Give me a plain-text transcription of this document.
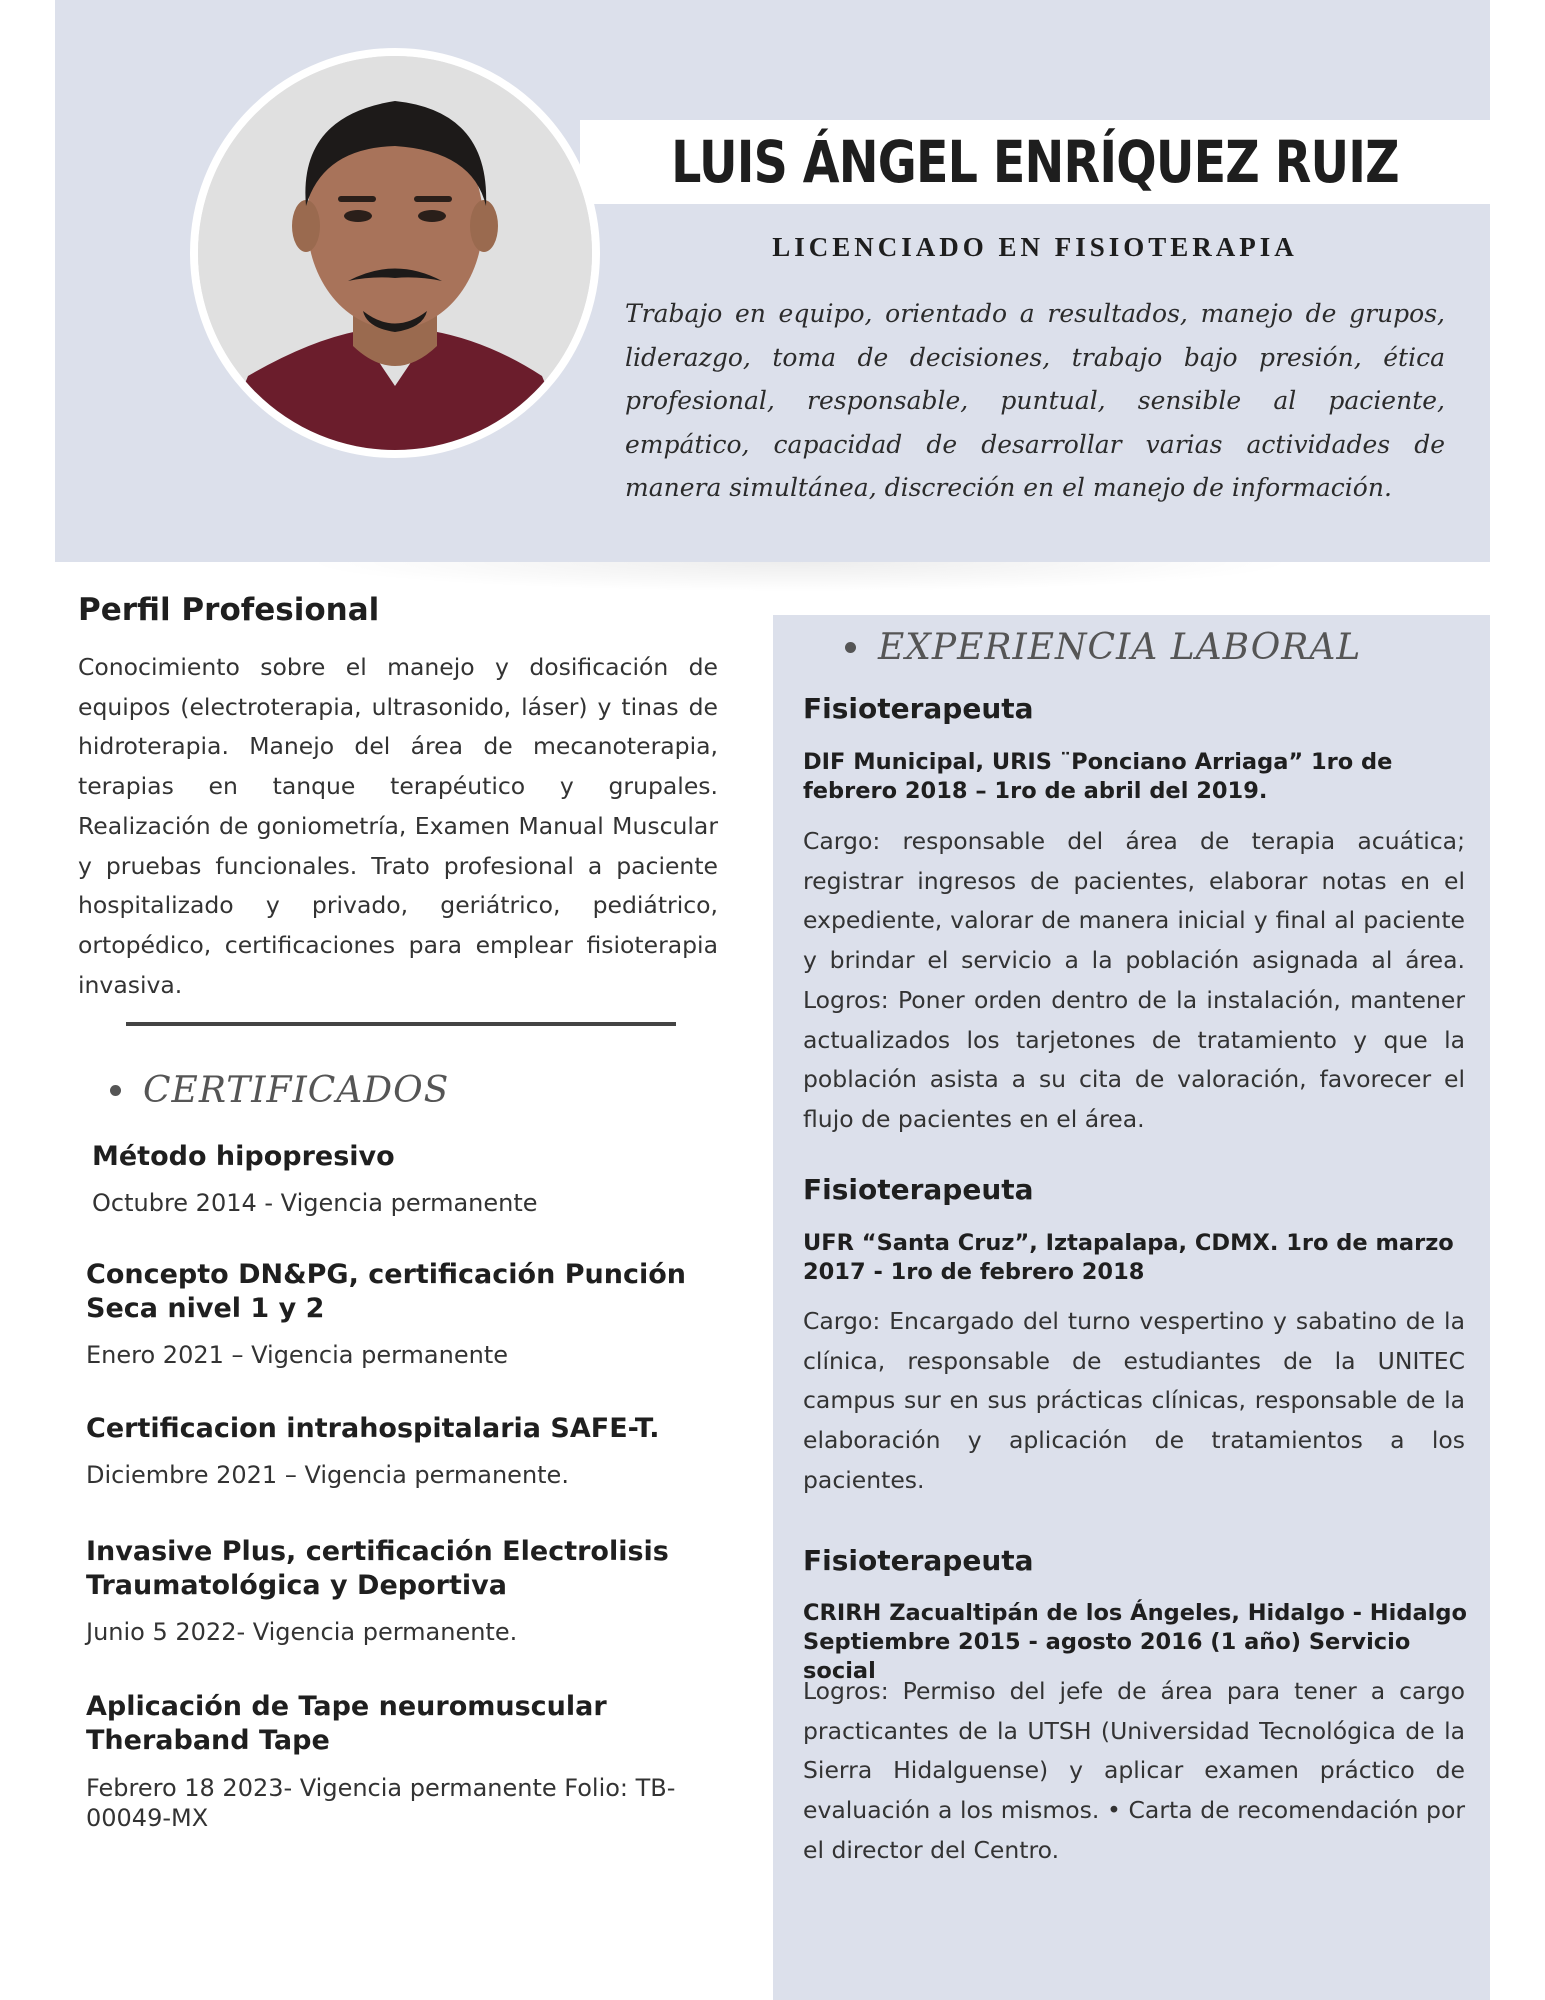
LUIS ÁNGEL ENRÍQUEZ RUIZ
LICENCIADO EN FISIOTERAPIA
Trabajo en equipo, orientado a resultados, manejo de grupos, liderazgo, toma de decisiones, trabajo bajo presión, ética profesional, responsable, puntual, sensible al paciente, empático, capacidad de desarrollar varias actividades de manera simultánea, discreción en el manejo de información.
Perfil Profesional
Conocimiento sobre el manejo y dosificación de equipos (electroterapia, ultrasonido, láser) y tinas de hidroterapia. Manejo del área de mecanoterapia, terapias en tanque terapéutico y grupales. Realización de goniometría, Examen Manual Muscular y pruebas funcionales. Trato profesional a paciente hospitalizado y privado, geriátrico, pediátrico, ortopédico, certificaciones para emplear fisioterapia invasiva.
CERTIFICADOS
Método hipopresivo
Octubre 2014 - Vigencia permanente
Concepto DN&PG, certificación Punción Seca nivel 1 y 2
Enero 2021 – Vigencia permanente
Certificacion intrahospitalaria SAFE-T.
Diciembre 2021 – Vigencia permanente.
Invasive Plus, certificación Electrolisis Traumatológica y Deportiva
Junio 5 2022- Vigencia permanente.
Aplicación de Tape neuromuscular Theraband Tape
Febrero 18 2023- Vigencia permanente Folio: TB-00049-MX
EXPERIENCIA LABORAL
Fisioterapeuta
DIF Municipal, URIS ¨Ponciano Arriaga” 1ro de febrero 2018 – 1ro de abril del 2019.
Cargo: responsable del área de terapia acuática; registrar ingresos de pacientes, elaborar notas en el expediente, valorar de manera inicial y final al paciente y brindar el servicio a la población asignada al área. Logros: Poner orden dentro de la instalación, mantener actualizados los tarjetones de tratamiento y que la población asista a su cita de valoración, favorecer el flujo de pacientes en el área.
Fisioterapeuta
UFR “Santa Cruz”, Iztapalapa, CDMX. 1ro de marzo 2017 - 1ro de febrero 2018
Cargo: Encargado del turno vespertino y sabatino de la clínica, responsable de estudiantes de la UNITEC campus sur en sus prácticas clínicas, responsable de la elaboración y aplicación de tratamientos a los pacientes.
Fisioterapeuta
CRIRH Zacualtipán de los Ángeles, Hidalgo - Hidalgo Septiembre 2015 - agosto 2016 (1 año) Servicio social
Logros: Permiso del jefe de área para tener a cargo practicantes de la UTSH (Universidad Tecnológica de la Sierra Hidalguense) y aplicar examen práctico de evaluación a los mismos. • Carta de recomendación por el director del Centro.
